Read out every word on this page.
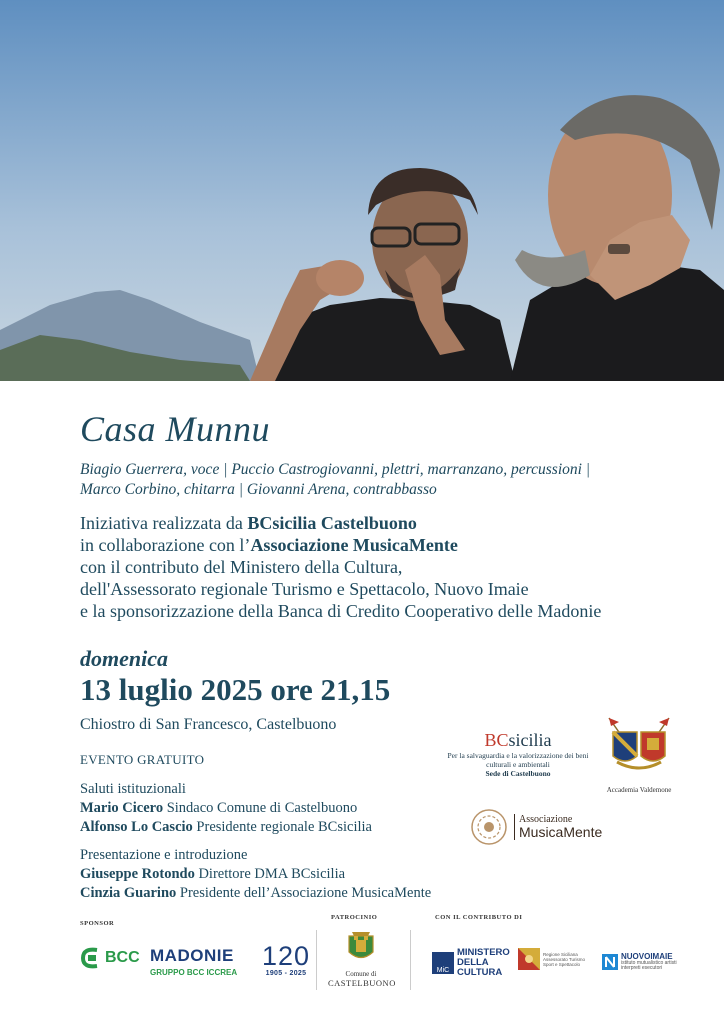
Casa Munnu
Biagio Guerrera, voce | Puccio Castrogiovanni, plettri, marranzano, percussioni | Marco Corbino, chitarra | Giovanni Arena, contrabbasso
Iniziativa realizzata da BCsicilia Castelbuono
in collaborazione con l’Associazione MusicaMente
con il contributo del Ministero della Cultura,
dell'Assessorato regionale Turismo e Spettacolo, Nuovo Imaie
e la sponsorizzazione della Banca di Credito Cooperativo delle Madonie
domenica
13 luglio 2025 ore 21,15
Chiostro di San Francesco, Castelbuono
EVENTO GRATUITO
Saluti istituzionali
Mario Cicero Sindaco Comune di Castelbuono
Alfonso Lo Cascio Presidente regionale BCsicilia
Presentazione e introduzione
Giuseppe Rotondo Direttore DMA BCsicilia
Cinzia Guarino Presidente dell’Associazione MusicaMente
BCsicilia
Per la salvaguardia e la valorizzazione dei beni culturali e ambientali
Sede di Castelbuono
Accademia Valdemone
Associazione
MusicaMente
SPONSOR
PATROCINIO	CON IL CONTRIBUTO DI
BCC MADONIE
GRUPPO BCC ICCREA
120
1905 - 2025	Comune di
CASTELBUONO
MiC
MINISTERO DELLA CULTURA
Regione Siciliana Assessorato Turismo Sport e Spettacolo
NUOVOIMAIE
istituto mutualistico artisti interpreti esecutori
